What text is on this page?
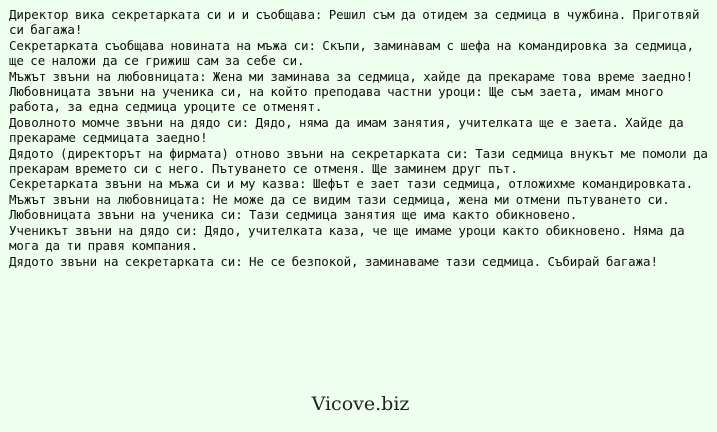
Директор вика секретарката си и и съобщава: Решил съм да отидем за седмица в чужбина. Приготвяй си багажа!
Секретарката съобщава новината на мъжа си: Скъпи, заминавам с шефа на командировка за седмица, ще се наложи да се грижиш сам за себе си.
Мъжът звъни на любовницата: Жена ми заминава за седмица, хайде да прекараме това време заедно!
Любовницата звъни на ученика си, на който преподава частни уроци: Ще съм заета, имам много работа, за една седмица уроците се отменят.
Доволното момче звъни на дядо си: Дядо, няма да имам занятия, учителката ще е заета. Хайде да прекараме седмицата заедно!
Дядото (директорът на фирмата) отново звъни на секретарката си: Тази седмица внукът ме помоли да прекарам времето си с него. Пътуването се отменя. Ще заминем друг път.
Секретарката звъни на мъжа си и му казва: Шефът е зает тази седмица, отложихме командировката.
Мъжът звъни на любовницата: Не може да се видим тази седмица, жена ми отмени пътуването си.
Любовницата звъни на ученика си: Тази седмица занятия ще има както обикновено.
Ученикът звъни на дядо си: Дядо, учителката каза, че ще имаме уроци както обикновено. Няма да мога да ти правя компания.
Дядото звъни на секретарката си: Не се безпокой, заминаваме тази седмица. Събирай багажа!
Vicove.biz
